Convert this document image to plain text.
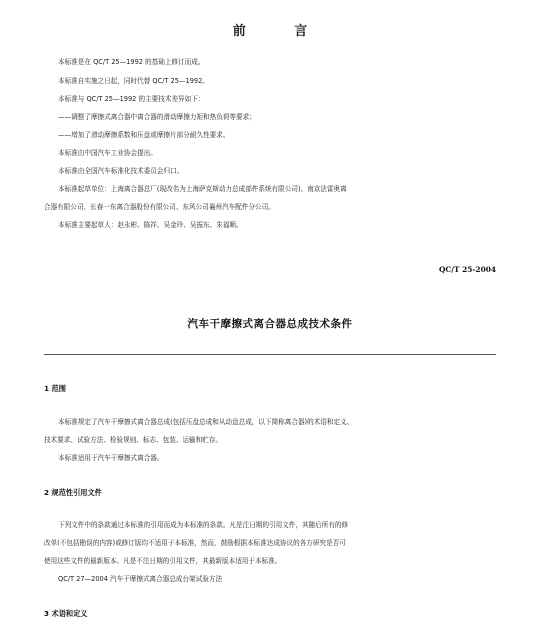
前 言
本标准是在 QC/T 25—1992 的基础上修订而成。
本标准自实施之日起，同时代替 QC/T 25—1992。
本标准与 QC/T 25—1992 的主要技术差异如下：
——调整了摩擦式离合器中离合器的滑动摩擦力矩和热负荷等要求；
——增加了滑动摩擦系数和压盘或摩擦片部分耐久性要求。
本标准由中国汽车工业协会提出。
本标准由全国汽车标准化技术委员会归口。
本标准起草单位：上海离合器总厂(现改名为上海萨克斯动力总成部件系统有限公司)、南京法雷奥离
合器有限公司、长春一东离合器股份有限公司、东风公司襄州汽车配件分公司。
本标准主要起草人：赵永彬、陈祥、吴金玲、吴振东、朱福顺。
QC/T 25-2004
汽车干摩擦式离合器总成技术条件
1 范围
本标准规定了汽车干摩擦式离合器总成(包括压盘总成和从动盘总成，以下简称离合器)的术语和定义、
技术要求、试验方法、检验规则、标志、包装、运输和贮存。
本标准适用于汽车干摩擦式离合器。
2 规范性引用文件
下列文件中的条款通过本标准的引用而成为本标准的条款。凡是注日期的引用文件，其随后所有的修
改单(不包括勘误的内容)或修订版均不适用于本标准，然而，鼓励根据本标准达成协议的各方研究是否可
使用这些文件的最新版本。凡是不注日期的引用文件，其最新版本适用于本标准。
QC/T 27—2004 汽车干摩擦式离合器总成台架试验方法
3 术语和定义
